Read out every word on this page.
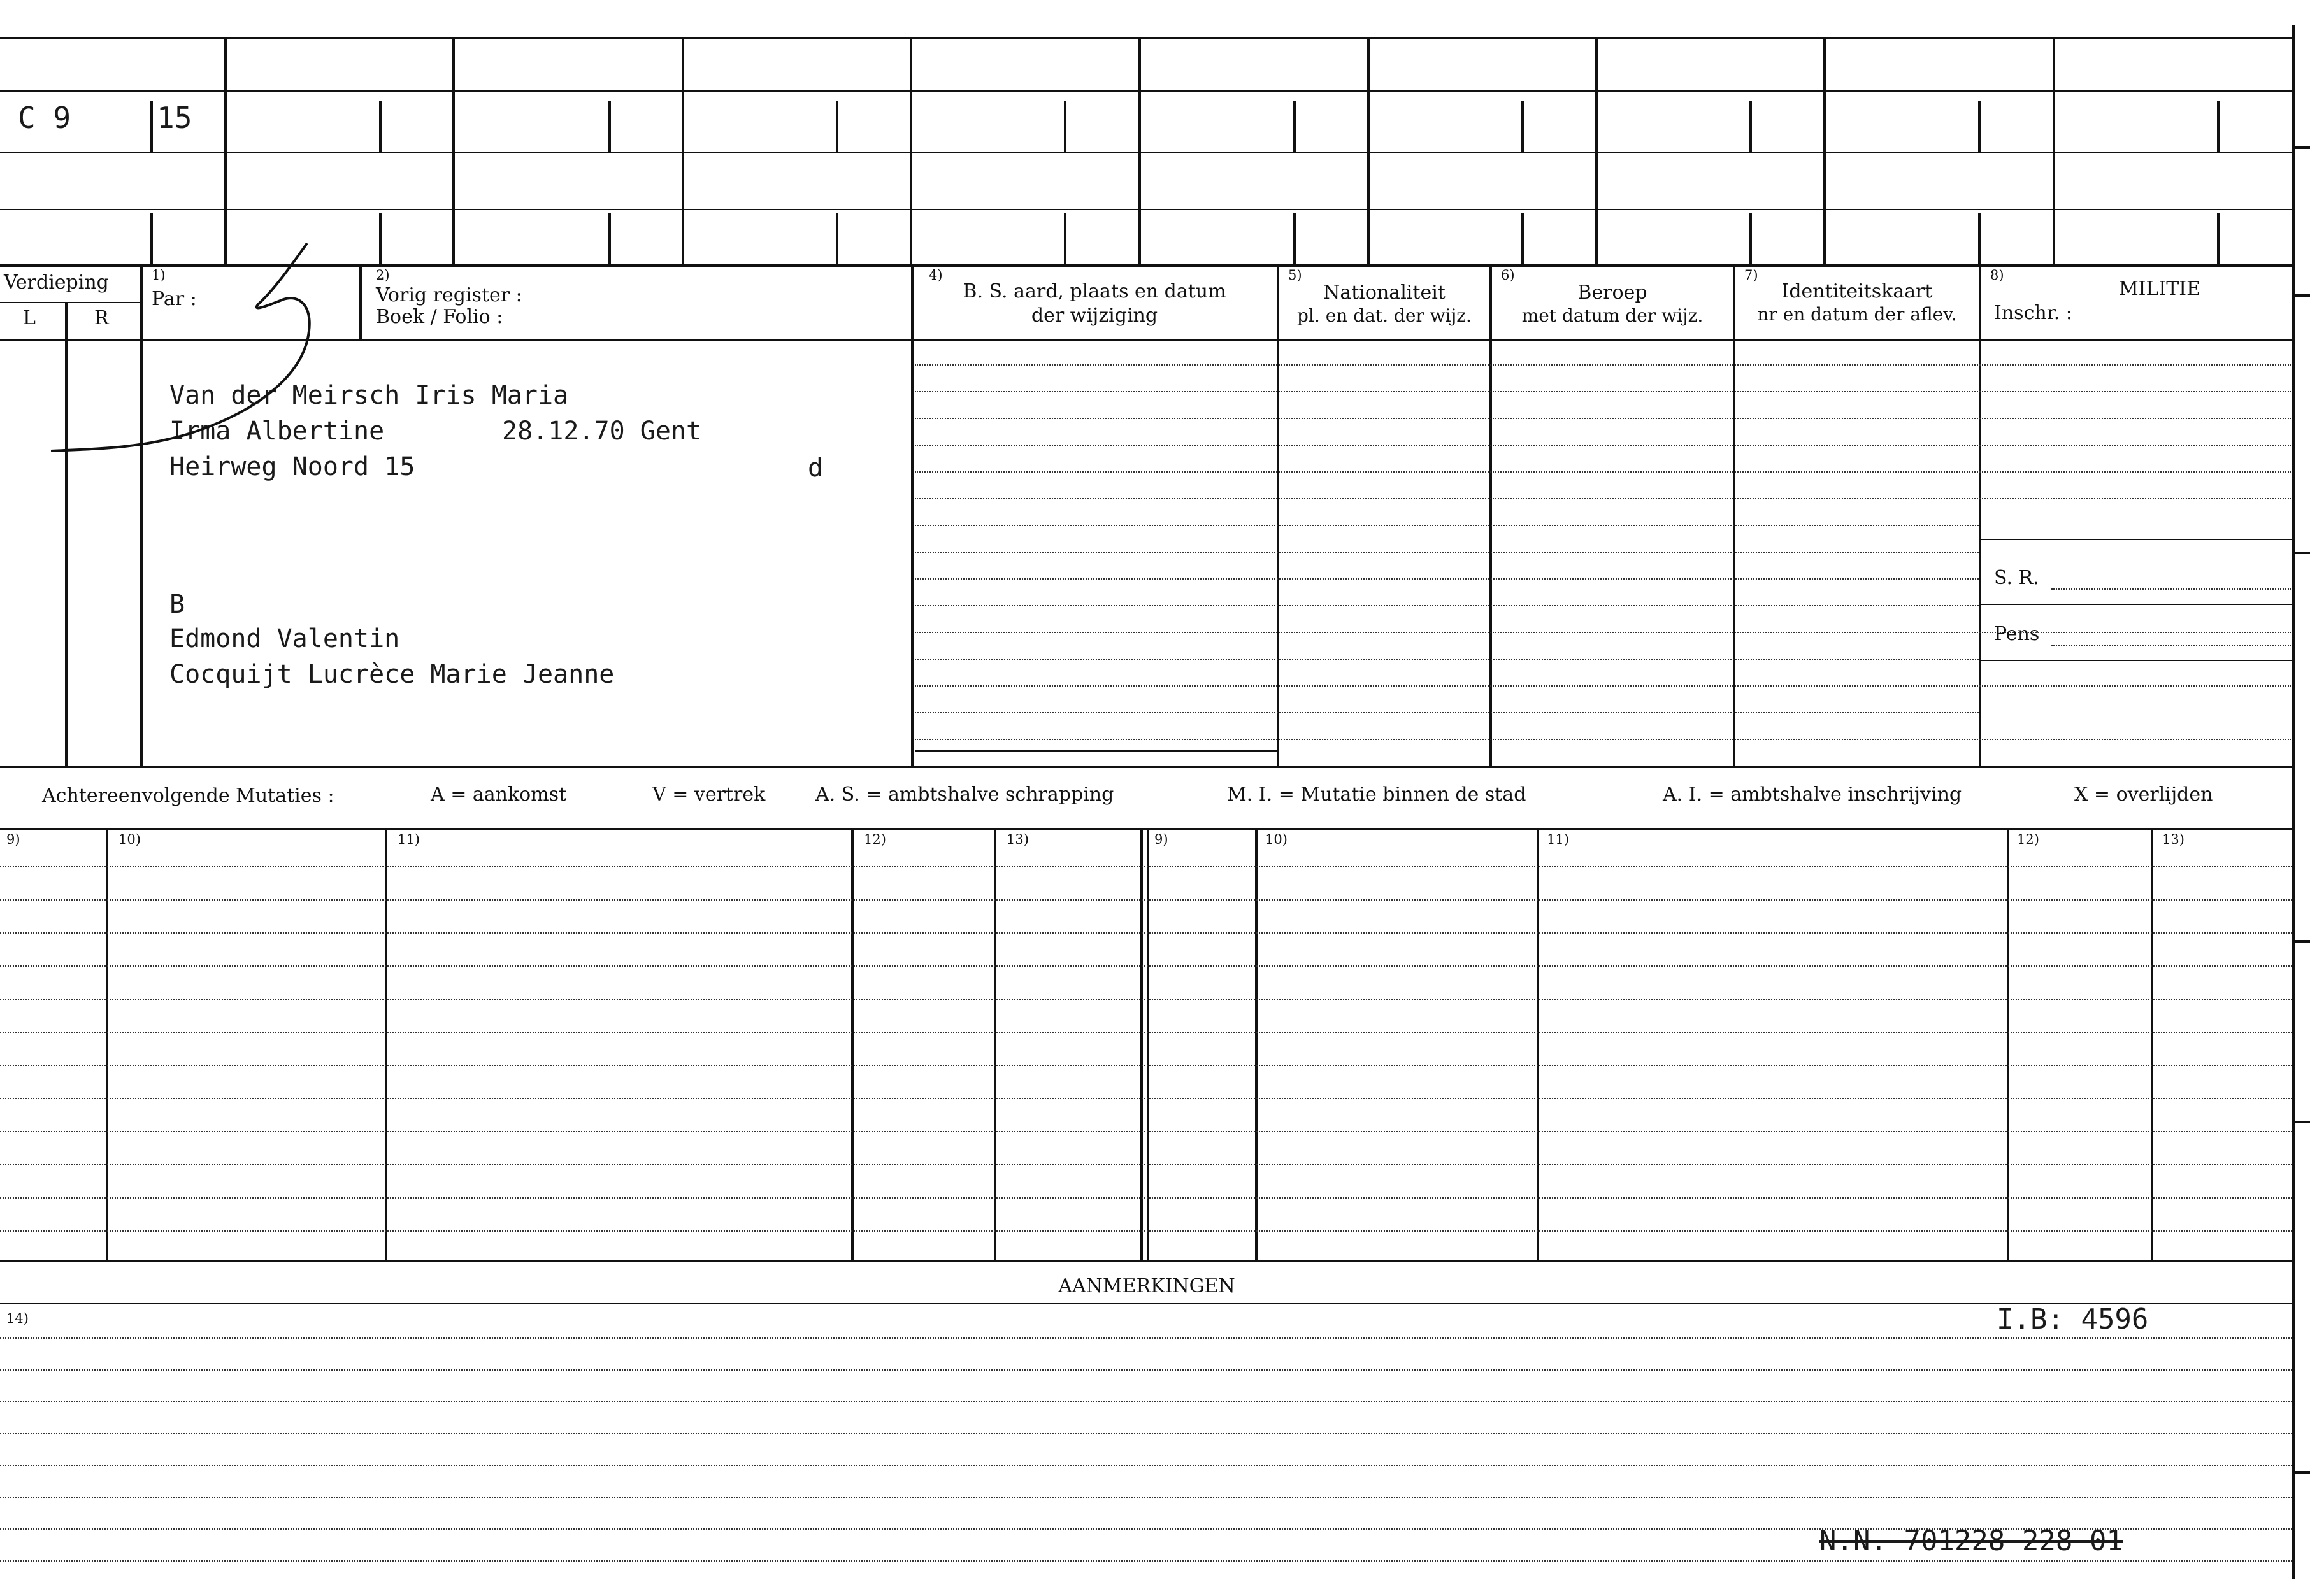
C 9	15
Verdieping
L	R
1)
Par :
2)
Vorig register :
Boek / Folio :
4)
B. S. aard, plaats en datum
der wijziging
5)
Nationaliteit
pl. en dat. der wijz.
6)
Beroep
met datum der wijz.
7)
Identiteitskaart
nr en datum der aflev.
8)
MILITIE
Inschr. :
S. R.
Pens
Van der Meirsch Iris Maria
Irma Albertine	28.12.70 Gent
Heirweg Noord 15	d
B
Edmond Valentin
Cocquijt Lucrèce Marie Jeanne
Achtereenvolgende Mutaties :	A = aankomst	V = vertrek	A. S. = ambtshalve schrapping	M. I. = Mutatie binnen de stad	A. I. = ambtshalve inschrijving	X = overlijden
9)	10)	11)	12)	13)	9)	10)	11)	12)	13)
AANMERKINGEN
14)	I.B: 4596
N.N. 701228 228 01
